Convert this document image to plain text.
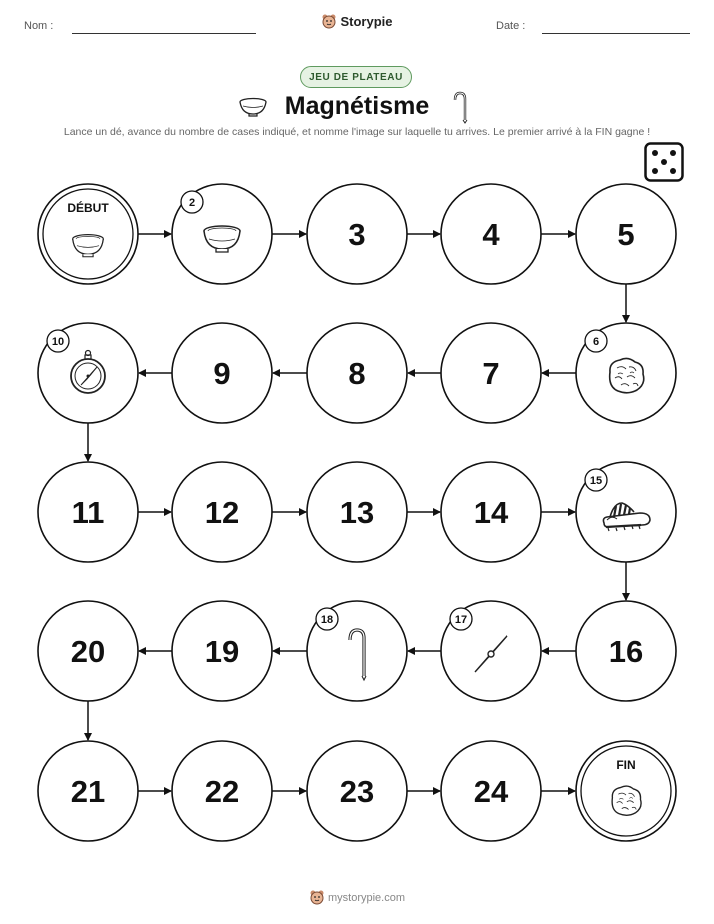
Nom :	Storypie	Date :
JEU DE PLATEAU
Magnétisme
Lance un dé, avance du nombre de cases indiqué, et nomme l'image sur laquelle tu arrives. Le premier arrivé à la FIN gagne !
DÉBUT	2
3	4	5
6
7
8
9
10
11	12	13	14
15
16
17
18
19
20
21	22	23	24
FIN
mystorypie.com
